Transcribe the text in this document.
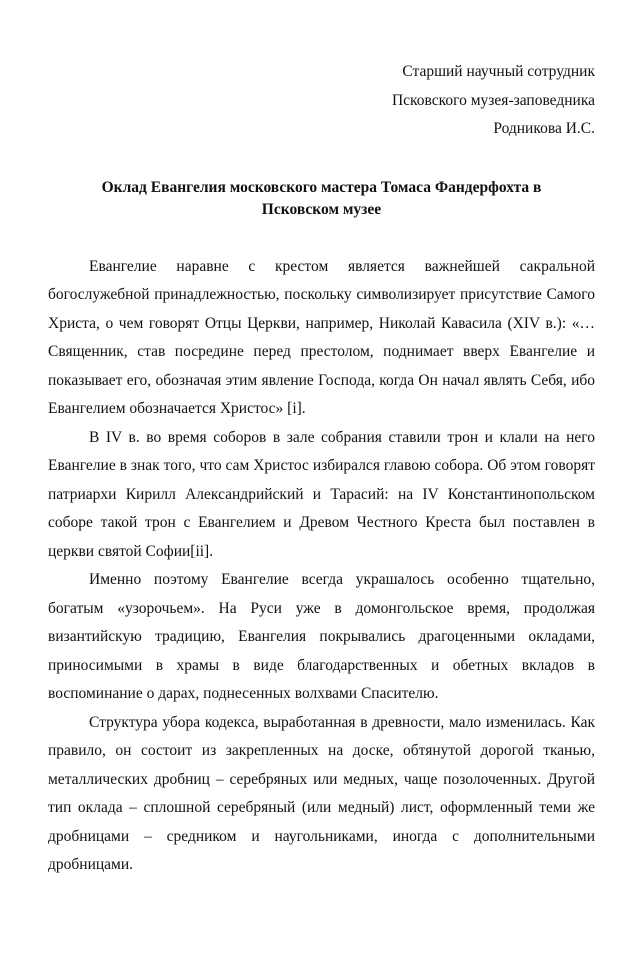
Старший научный сотрудник
Псковского музея-заповедника
Родникова И.С.
Оклад Евангелия московского мастера Томаса Фандерфохта в Псковском музее

Евангелие наравне с крестом является важнейшей сакральной богослужебной принадлежностью, поскольку символизирует присутствие Самого Христа, о чем говорят Отцы Церкви, например, Николай Кавасила (XIV в.): «… Священник, став посредине перед престолом, поднимает вверх Евангелие и показывает его, обозначая этим явление Господа, когда Он начал являть Себя, ибо Евангелием обозначается Христос» [i].

В IV в. во время соборов в зале собрания ставили трон и клали на него Евангелие в знак того, что сам Христос избирался главою собора. Об этом говорят патриархи Кирилл Александрийский и Тарасий: на IV Константинопольском соборе такой трон с Евангелием и Древом Честного Креста был поставлен в церкви святой Софии[ii].

Именно поэтому Евангелие всегда украшалось особенно тщательно, богатым «узорочьем». На Руси уже в домонгольское время, продолжая византийскую традицию, Евангелия покрывались драгоценными окладами, приносимыми в храмы в виде благодарственных и обетных вкладов в воспоминание о дарах, поднесенных волхвами Спасителю.

Структура убора кодекса, выработанная в древности, мало изменилась. Как правило, он состоит из закрепленных на доске, обтянутой дорогой тканью, металлических дробниц – серебряных или медных, чаще позолоченных. Другой тип оклада – сплошной серебряный (или медный) лист, оформленный теми же дробницами – средником и наугольниками, иногда с дополнительными дробницами.
